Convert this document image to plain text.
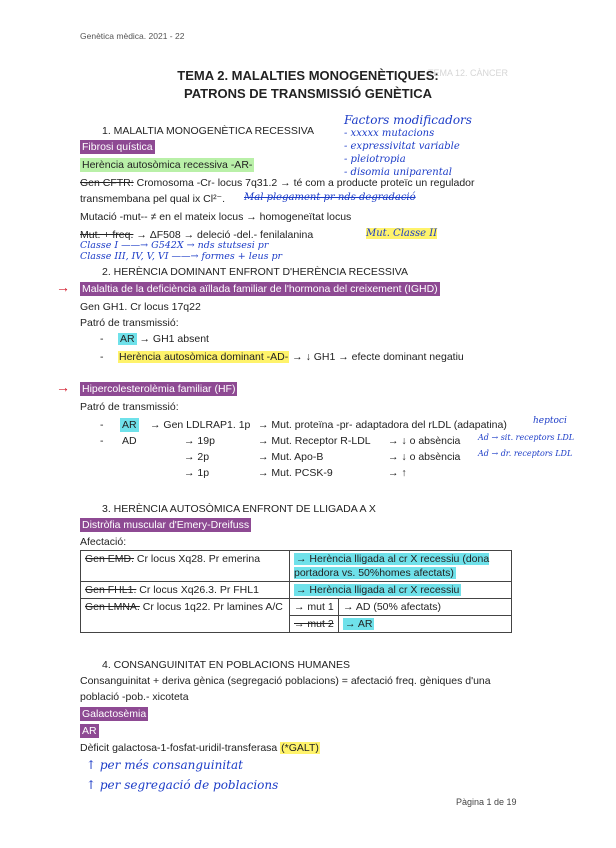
Genètica mèdica. 2021 - 22
TEMA 12. CÀNCER
TEMA 2. MALALTIES MONOGENÈTIQUES:
PATRONS DE TRANSMISSIÓ GENÈTICA
1. MALALTIA MONOGENÈTICA RECESSIVA
Fibrosi quística
Herència autosòmica recessiva -AR-
Gen CFTR: Cromosoma -Cr- locus 7q31.2 → té com a producte proteïc un regulador
transmembana pel qual ix Cl²⁻.
Mutació -mut-- ≠ en el mateix locus → homogeneïtat locus
Mut. + freq. → ΔF508 → deleció -del.- fenilalanina
Factors modificadors
- xxxxx mutacions
- expressivitat variable
- pleiotropia
- disomia uniparental
Mal plegament pr nds degradació
Mut. Classe II
Classe I ——→ G542X → nds stutsesi pr
Classe III, IV, V, VI ——→ formes + leus pr
2. HERÈNCIA DOMINANT ENFRONT D'HERÈNCIA RECESSIVA
→ Malaltia de la deficiència aïllada familiar de l'hormona del creixement (IGHD)
Gen GH1. Cr locus 17q22
Patró de transmissió:
- AR → GH1 absent
- Herència autosòmica dominant -AD- → ↓ GH1 → efecte dominant negatiu
→ Hipercolesterolèmia familiar (HF)
Patró de transmissió:
- AR → Gen LDLRAP1. 1p → Mut. proteïna -pr- adaptadora del rLDL (adapatina)	heptoci
- AD	→ 19p	→ Mut. Receptor R-LDL → ↓ o absència Ad → sit. receptors LDL
→ 2p	→ Mut. Apo-B	→ ↓ o absència Ad → dr. receptors LDL
→ 1p	→ Mut. PCSK-9	→ ↑
3. HERÈNCIA AUTOSÒMICA ENFRONT DE LLIGADA A X
Distròfia muscular d'Emery-Dreifuss
Afectació:
Gen EMD. Cr locus Xq28. Pr emerina	→ Herència lligada al cr X recessiu (dona portadora vs. 50%homes afectats)
Gen FHL1. Cr locus Xq26.3. Pr FHL1	→ Herència lligada al cr X recessiu
Gen LMNA. Cr locus 1q22. Pr lamines A/C	→ mut 1	→ AD (50% afectats)
→ mut 2	→ AR
4. CONSANGUINITAT EN POBLACIONS HUMANES
Consanguinitat + deriva gènica (segregació poblacions) = afectació freq. gèniques d'una
població -pob.- xicoteta
Galactosèmia
AR
Dèficit galactosa-1-fosfat-uridil-transferasa (*GALT)
↑ per més consanguinitat
↑ per segregació de poblacions
Pàgina 1 de 19
